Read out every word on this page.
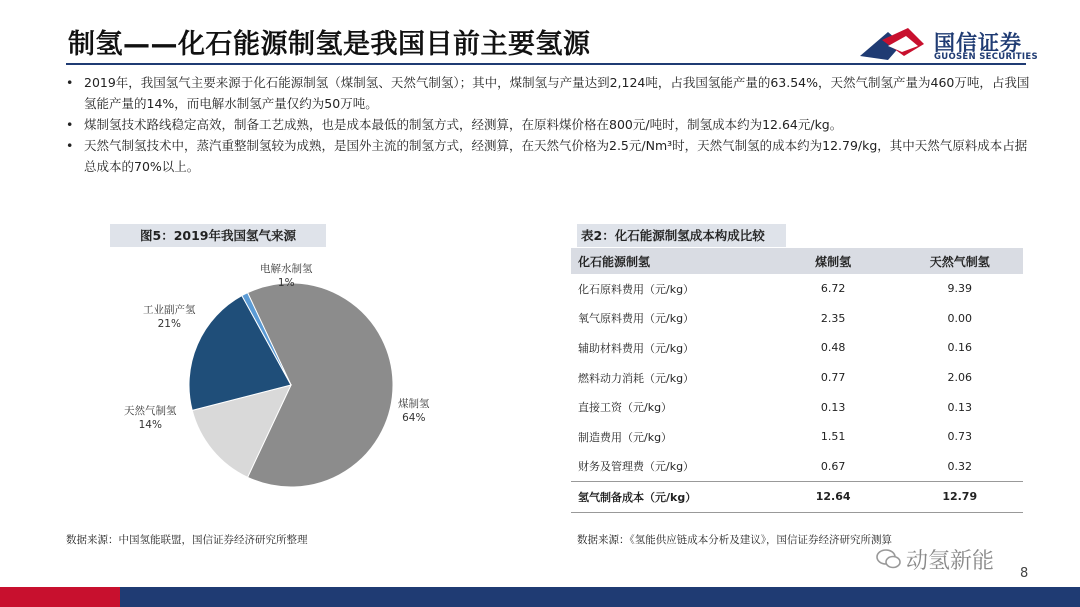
制氢——化石能源制氢是我国目前主要氢源	国信证券
GUOSEN SECURITIES
• 2019年，我国氢气主要来源于化石能源制氢（煤制氢、天然气制氢）；其中，煤制氢与产量达到2,124吨，占我国氢能产量的63.54%，天然气制氢产量为460万吨，占我国氢能产量的14%，而电解水制氢产量仅约为50万吨。
• 煤制氢技术路线稳定高效，制备工艺成熟，也是成本最低的制氢方式，经测算，在原料煤价格在800元/吨时，制氢成本约为12.64元/kg。
• 天然气制氢技术中，蒸汽重整制氢较为成熟，是国外主流的制氢方式，经测算，在天然气价格为2.5元/Nm³时，天然气制氢的成本约为12.79/kg，其中天然气原料成本占据总成本的70%以上。
图5：2019年我国氢气来源
煤制氢
64%
天然气制氢
14%
工业副产氢
21%
电解水制氢
1%
数据来源：中国氢能联盟，国信证券经济研究所整理
表2：化石能源制氢成本构成比较
化石能源制氢	煤制氢	天然气制氢
化石原料费用（元/kg）	6.72	9.39
氧气原料费用（元/kg）	2.35	0.00
辅助材料费用（元/kg）	0.48	0.16
燃料动力消耗（元/kg）	0.77	2.06
直接工资（元/kg）	0.13	0.13
制造费用（元/kg）	1.51	0.73
财务及管理费（元/kg）	0.67	0.32
氢气制备成本（元/kg）	12.64	12.79
数据来源：《氢能供应链成本分析及建议》，国信证券经济研究所测算
动氢新能 8
